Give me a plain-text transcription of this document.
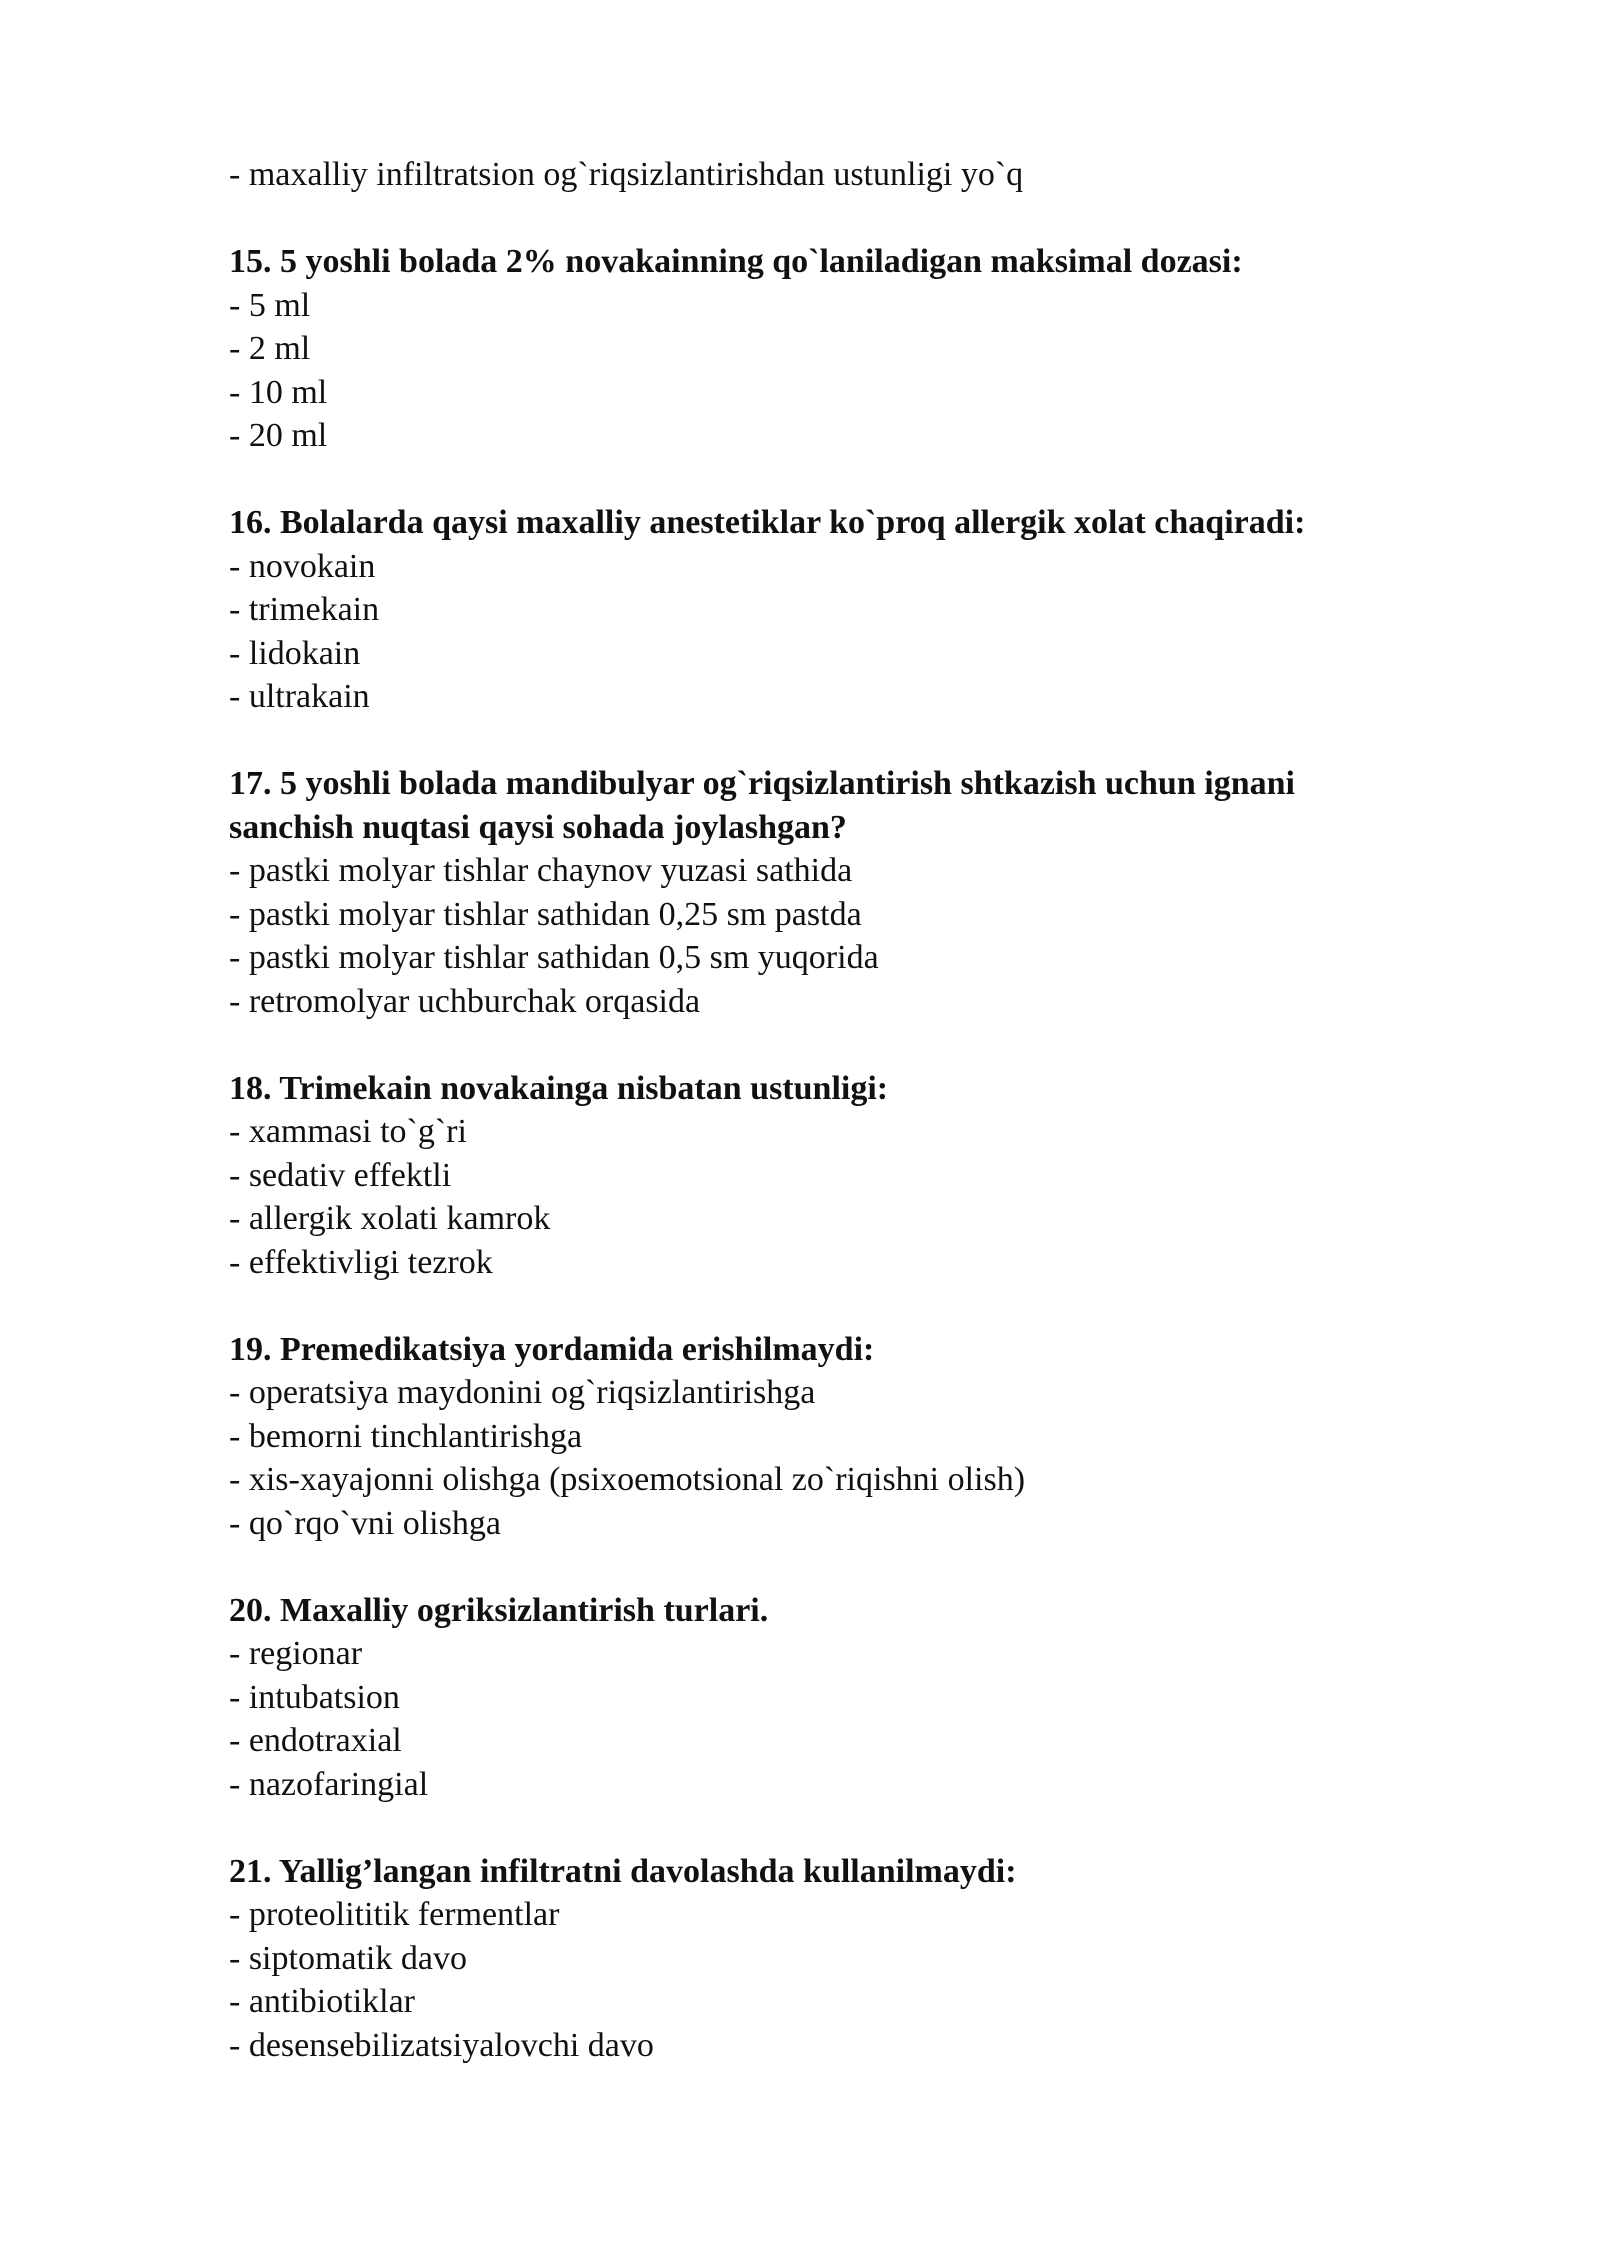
- maxalliy infiltratsion og`riqsizlantirishdan ustunligi yo`q

15. 5 yoshli bolada 2% novakainning qo`laniladigan maksimal dozasi:

- 5 ml

- 2 ml

- 10 ml

- 20 ml

16. Bolalarda qaysi maxalliy anestetiklar ko`proq allergik xolat chaqiradi:

- novokain

- trimekain

- lidokain

- ultrakain

17. 5 yoshli bolada mandibulyar og`riqsizlantirish shtkazish uchun ignani

sanchish nuqtasi qaysi sohada joylashgan?

- pastki molyar tishlar chaynov yuzasi sathida

- pastki molyar tishlar sathidan 0,25 sm pastda

- pastki molyar tishlar sathidan 0,5 sm yuqorida

- retromolyar uchburchak orqasida

18. Trimekain novakainga nisbatan ustunligi:

- xammasi to`g`ri

- sedativ effektli

- allergik xolati kamrok

- effektivligi tezrok

19. Premedikatsiya yordamida erishilmaydi:

- operatsiya maydonini og`riqsizlantirishga

- bemorni tinchlantirishga

- xis-xayajonni olishga (psixoemotsional zo`riqishni olish)

- qo`rqo`vni olishga

20. Maxalliy ogriksizlantirish turlari.

- regionar

- intubatsion

- endotraxial

- nazofaringial

21. Yallig’langan infiltratni davolashda kullanilmaydi:

- proteolititik fermentlar

- siptomatik davo

- antibiotiklar

- desensebilizatsiyalovchi davo
